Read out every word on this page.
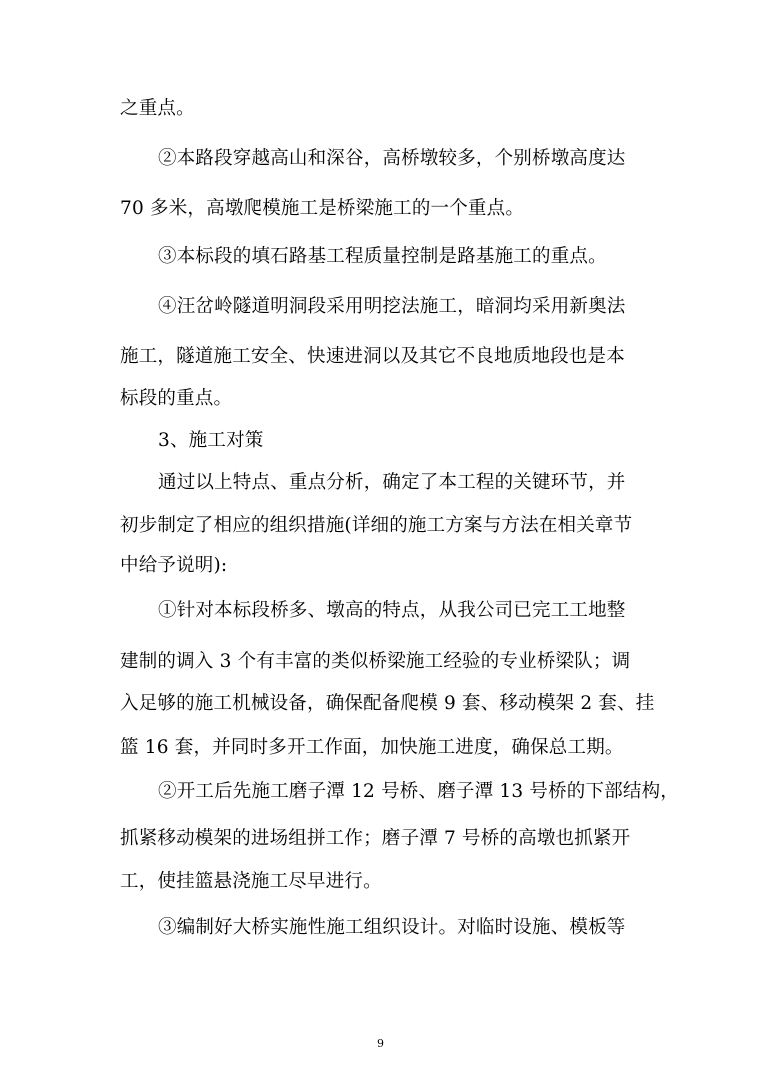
之重点。
②本路段穿越高山和深谷，高桥墩较多，个别桥墩高度达
70 多米，高墩爬模施工是桥梁施工的一个重点。
③本标段的填石路基工程质量控制是路基施工的重点。
④汪岔岭隧道明洞段采用明挖法施工，暗洞均采用新奥法
施工，隧道施工安全、快速进洞以及其它不良地质地段也是本
标段的重点。
3、施工对策
通过以上特点、重点分析，确定了本工程的关键环节，并
初步制定了相应的组织措施(详细的施工方案与方法在相关章节
中给予说明):
①针对本标段桥多、墩高的特点，从我公司已完工工地整
建制的调入 3 个有丰富的类似桥梁施工经验的专业桥梁队；调
入足够的施工机械设备，确保配备爬模 9 套、移动模架 2 套、挂
篮 16 套，并同时多开工作面，加快施工进度，确保总工期。
②开工后先施工磨子潭 12 号桥、磨子潭 13 号桥的下部结构，
抓紧移动模架的进场组拼工作；磨子潭 7 号桥的高墩也抓紧开
工，使挂篮悬浇施工尽早进行。
③编制好大桥实施性施工组织设计。对临时设施、模板等
9
